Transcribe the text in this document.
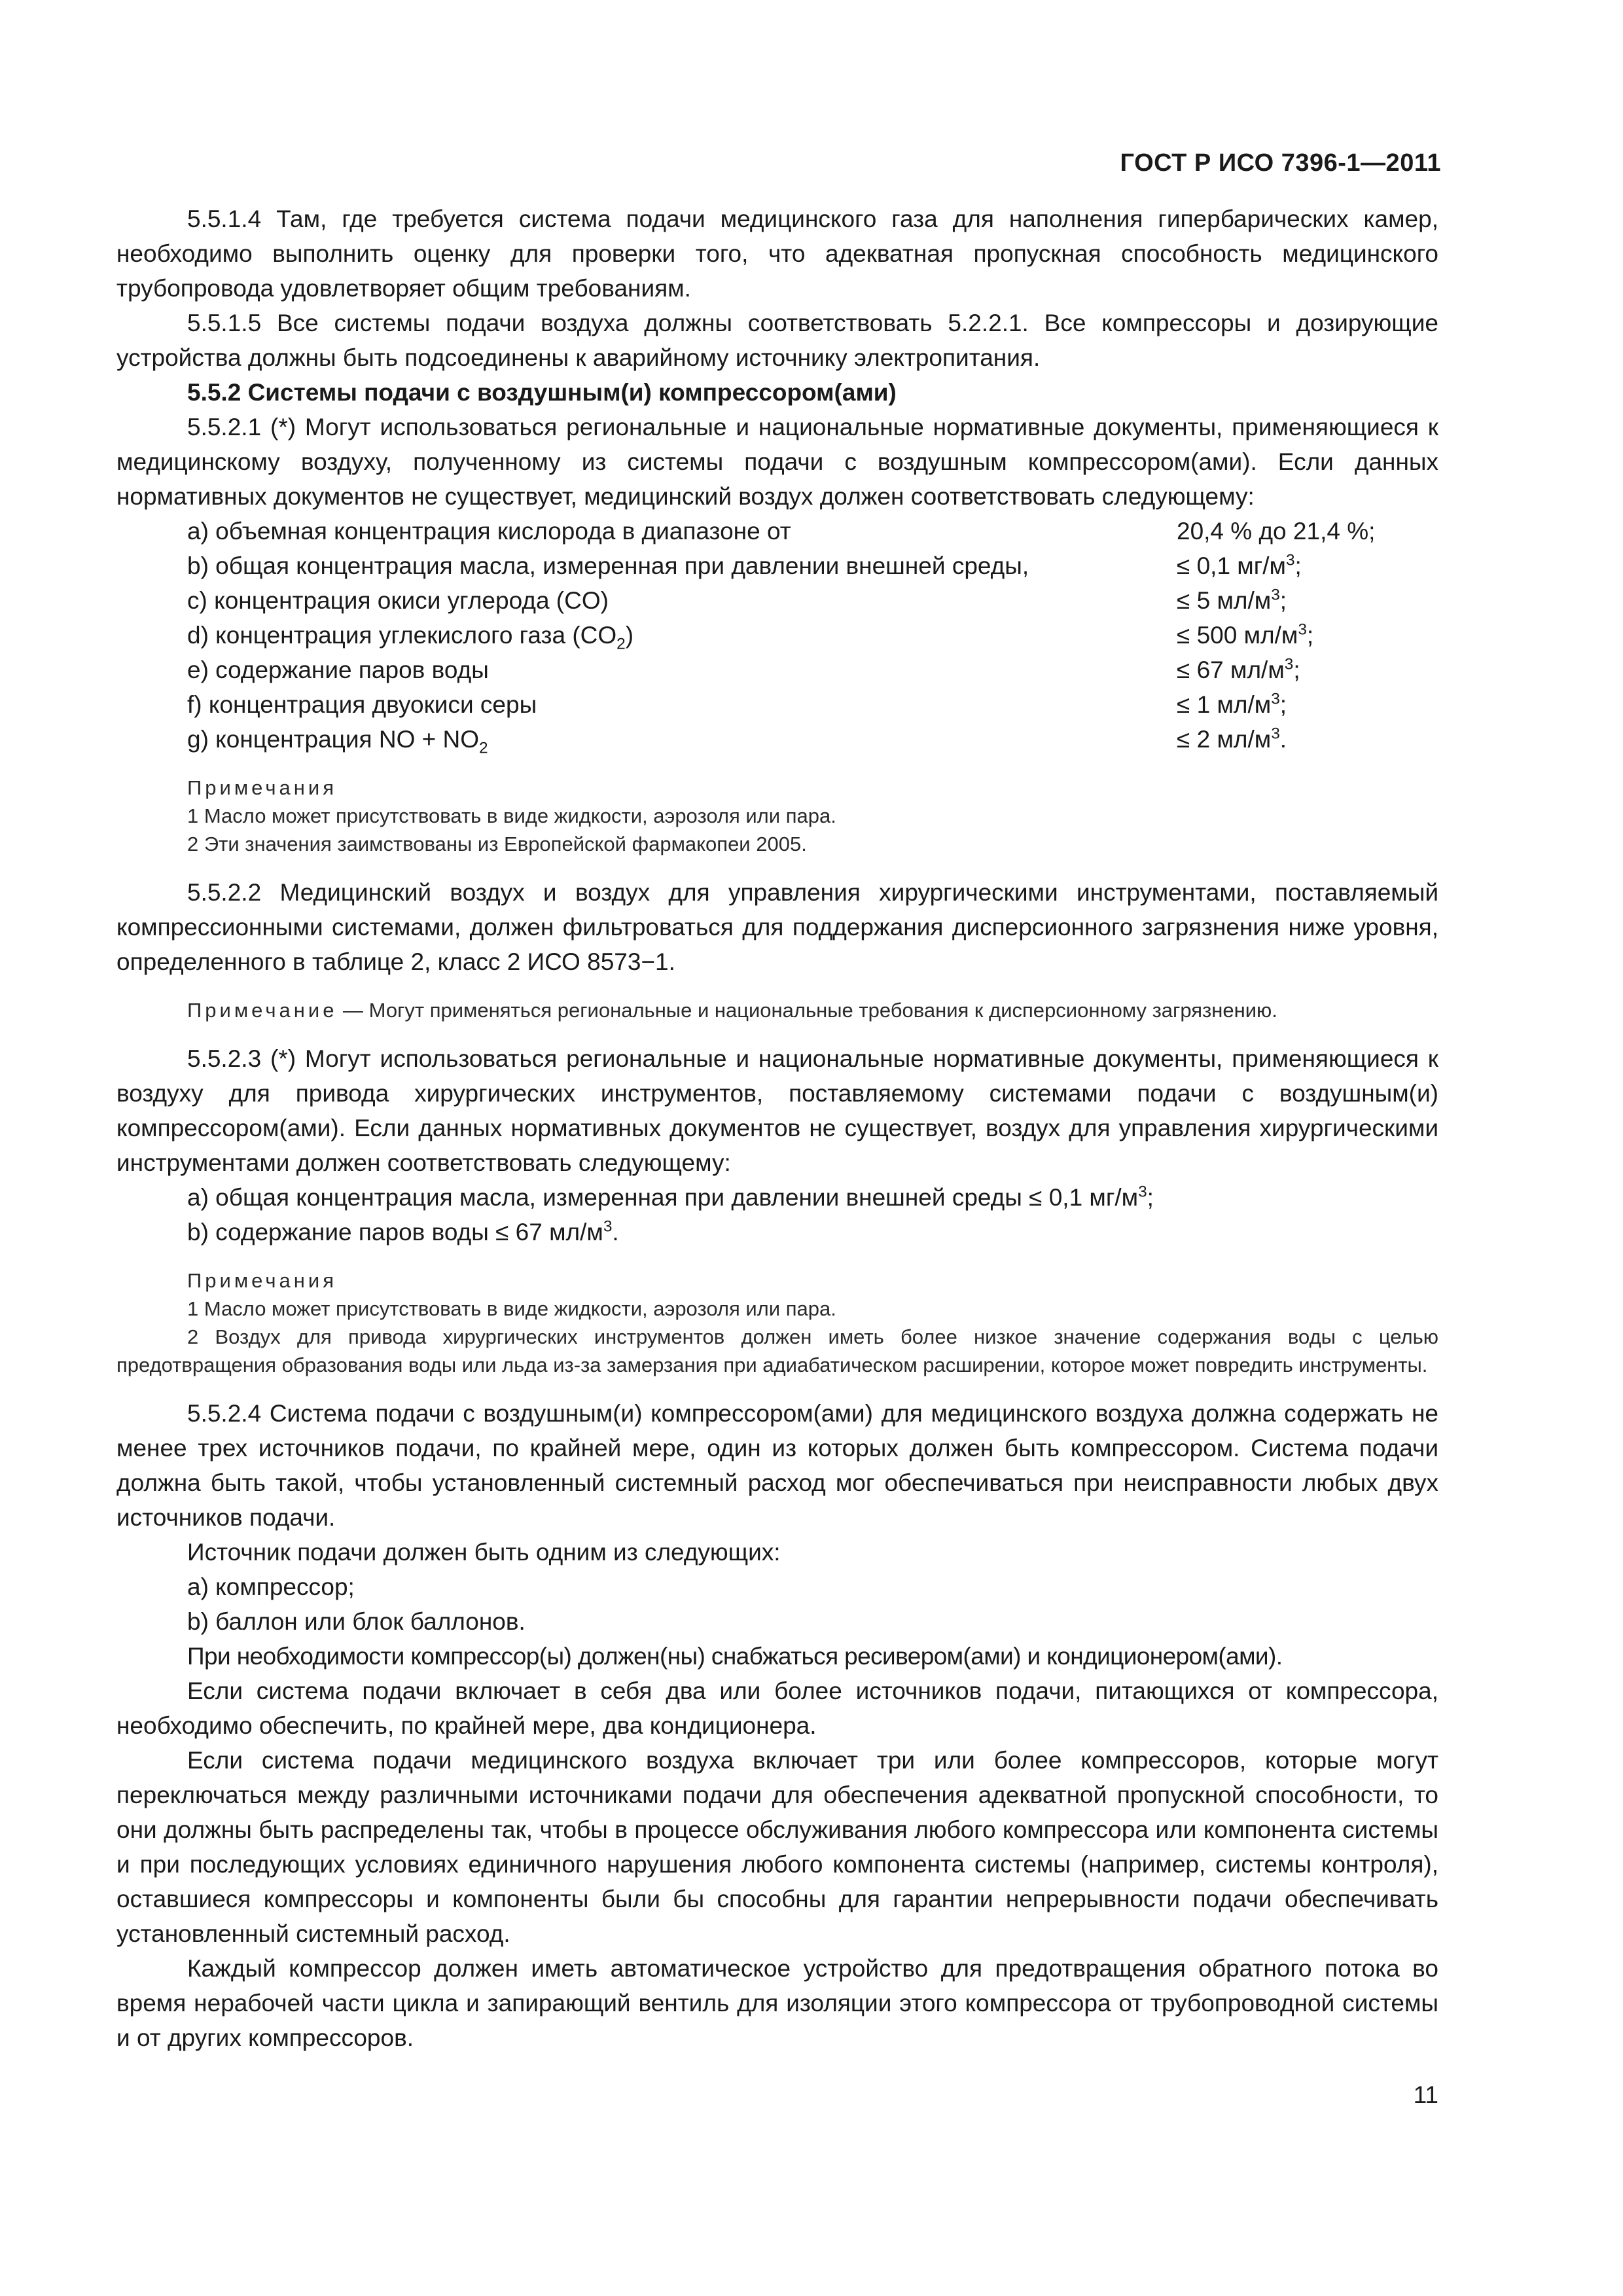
ГОСТ Р ИСО 7396-1—2011

5.5.1.4 Там, где требуется система подачи медицинского газа для наполнения гипербарических камер, необходимо выполнить оценку для проверки того, что адекватная пропускная способность медицинского трубопровода удовлетворяет общим требованиям.

5.5.1.5 Все системы подачи воздуха должны соответствовать 5.2.2.1. Все компрессоры и дозирующие устройства должны быть подсоединены к аварийному источнику электропитания.

5.5.2 Системы подачи с воздушным(и) компрессором(ами)

5.5.2.1 (*) Могут использоваться региональные и национальные нормативные документы, применяющиеся к медицинскому воздуху, полученному из системы подачи с воздушным компрессором(ами). Если данных нормативных документов не существует, медицинский воздух должен соответствовать следующему:

a) объемная концентрация кислорода в диапазоне от	20,4 % до 21,4 %;
b) общая концентрация масла, измеренная при давлении внешней среды,	≤ 0,1 $мг/м^3$;
c) концентрация окиси углерода (CO)	≤ 5 $мл/м^3$;
d) концентрация углекислого газа $(CO_2)$	≤ 500 $мл/м^3$;
e) содержание паров воды	≤ 67 $мл/м^3$;
f) концентрация двуокиси серы	≤ 1 $мл/м^3$;
g) концентрация NO + $NO_2$	≤ 2 $мл/м^3$.
Примечания
1 Масло может присутствовать в виде жидкости, аэрозоля или пара.
2 Эти значения заимствованы из Европейской фармакопеи 2005.

5.5.2.2 Медицинский воздух и воздух для управления хирургическими инструментами, поставляемый компрессионными системами, должен фильтроваться для поддержания дисперсионного загрязнения ниже уровня, определенного в таблице 2, класс 2 ИСО 8573−1.

Примечание — Могут применяться региональные и национальные требования к дисперсионному загрязнению.

5.5.2.3 (*) Могут использоваться региональные и национальные нормативные документы, применяющиеся к воздуху для привода хирургических инструментов, поставляемому системами подачи с воздушным(и) компрессором(ами). Если данных нормативных документов не существует, воздух для управления хирургическими инструментами должен соответствовать следующему:

а) общая концентрация масла, измеренная при давлении внешней среды ≤ 0,1 $мг/м^3$;
b) содержание паров воды ≤ 67 $мл/м^3$.
Примечания
1 Масло может присутствовать в виде жидкости, аэрозоля или пара.
2 Воздух для привода хирургических инструментов должен иметь более низкое значение содержания воды с целью предотвращения образования воды или льда из-за замерзания при адиабатическом расширении, которое может повредить инструменты.

5.5.2.4 Система подачи с воздушным(и) компрессором(ами) для медицинского воздуха должна содержать не менее трех источников подачи, по крайней мере, один из которых должен быть компрессором. Система подачи должна быть такой, чтобы установленный системный расход мог обеспечиваться при неисправности любых двух источников подачи.

Источник подачи должен быть одним из следующих:

a) компрессор;
b) баллон или блок баллонов.

При необходимости компрессор(ы) должен(ны) снабжаться ресивером(ами) и кондиционером(ами).

Если система подачи включает в себя два или более источников подачи, питающихся от компрессора, необходимо обеспечить, по крайней мере, два кондиционера.

Если система подачи медицинского воздуха включает три или более компрессоров, которые могут переключаться между различными источниками подачи для обеспечения адекватной пропускной способности, то они должны быть распределены так, чтобы в процессе обслуживания любого компрессора или компонента системы и при последующих условиях единичного нарушения любого компонента системы (например, системы контроля), оставшиеся компрессоры и компоненты были бы способны для гарантии непрерывности подачи обеспечивать установленный системный расход.

Каждый компрессор должен иметь автоматическое устройство для предотвращения обратного потока во время нерабочей части цикла и запирающий вентиль для изоляции этого компрессора от трубопроводной системы и от других компрессоров.

11
